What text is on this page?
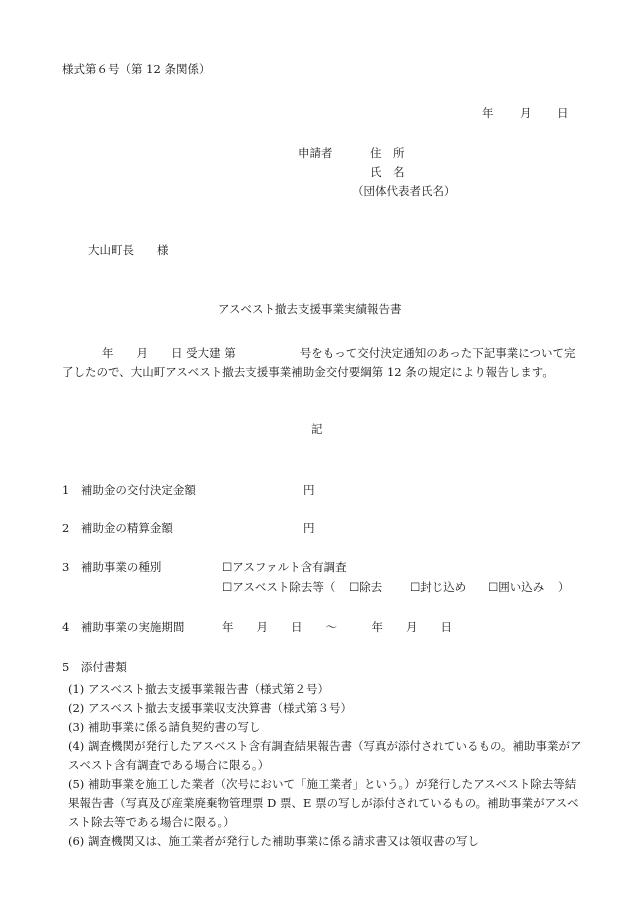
様式第６号（第 12 条関係）
年 月 日
申請者	住　所
氏　名
（団体代表者氏名）
大山町長　　様
アスベスト撤去支援事業実績報告書
年　　月　　日 受大建 第	号をもって交付決定通知のあった下記事業について完了したので、大山町アスベスト撤去支援事業補助金交付要綱第 12 条の規定により報告します。
記
1　補助金の交付決定金額	円
2　補助金の精算金額	円
3　補助事業の種別	☐アスファルト含有調査
☐アスベスト除去等（ ☐除去 ☐封じ込め ☐囲い込み ）
4　補助事業の実施期間	年　　月　　日　　〜　　　年　　月　　日
5　添付書類
(1) アスベスト撤去支援事業報告書（様式第２号）
(2) アスベスト撤去支援事業収支決算書（様式第３号）
(3) 補助事業に係る請負契約書の写し
(4) 調査機関が発行したアスベスト含有調査結果報告書（写真が添付されているもの。補助事業がアスベスト含有調査である場合に限る。）
(5) 補助事業を施工した業者（次号において「施工業者」という。）が発行したアスベスト除去等結果報告書（写真及び産業廃棄物管理票 D 票、E 票の写しが添付されているもの。補助事業がアスベスト除去等である場合に限る。）
(6) 調査機関又は、施工業者が発行した補助事業に係る請求書又は領収書の写し
